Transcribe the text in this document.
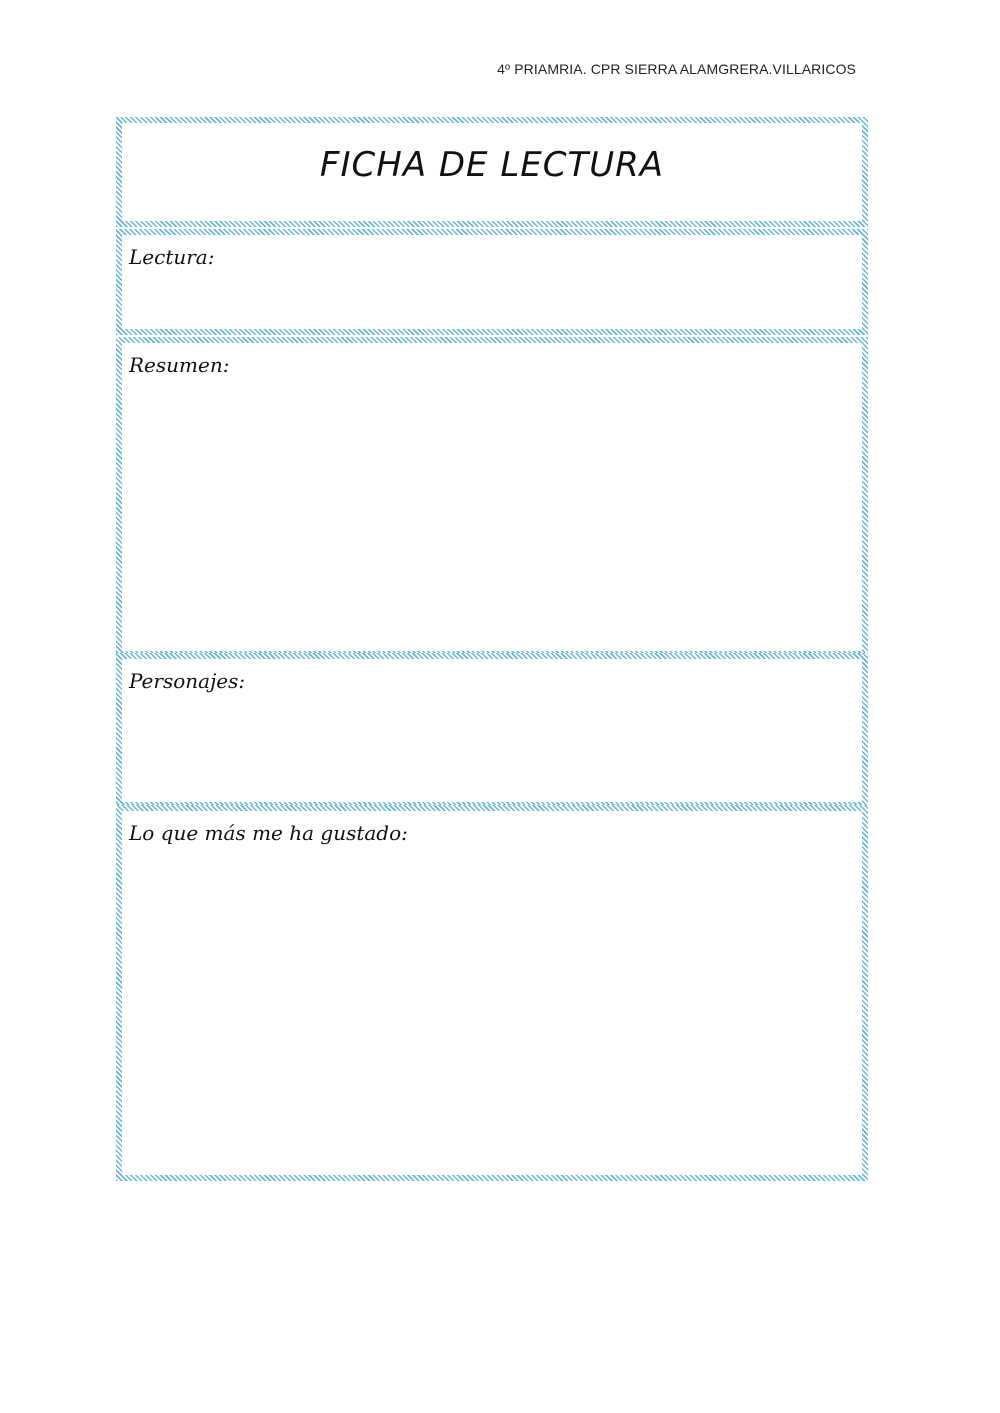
4º PRIAMRIA. CPR SIERRA ALAMGRERA.VILLARICOS
FICHA DE LECTURA
Lectura:
Resumen:
Personajes:
Lo que más me ha gustado:
